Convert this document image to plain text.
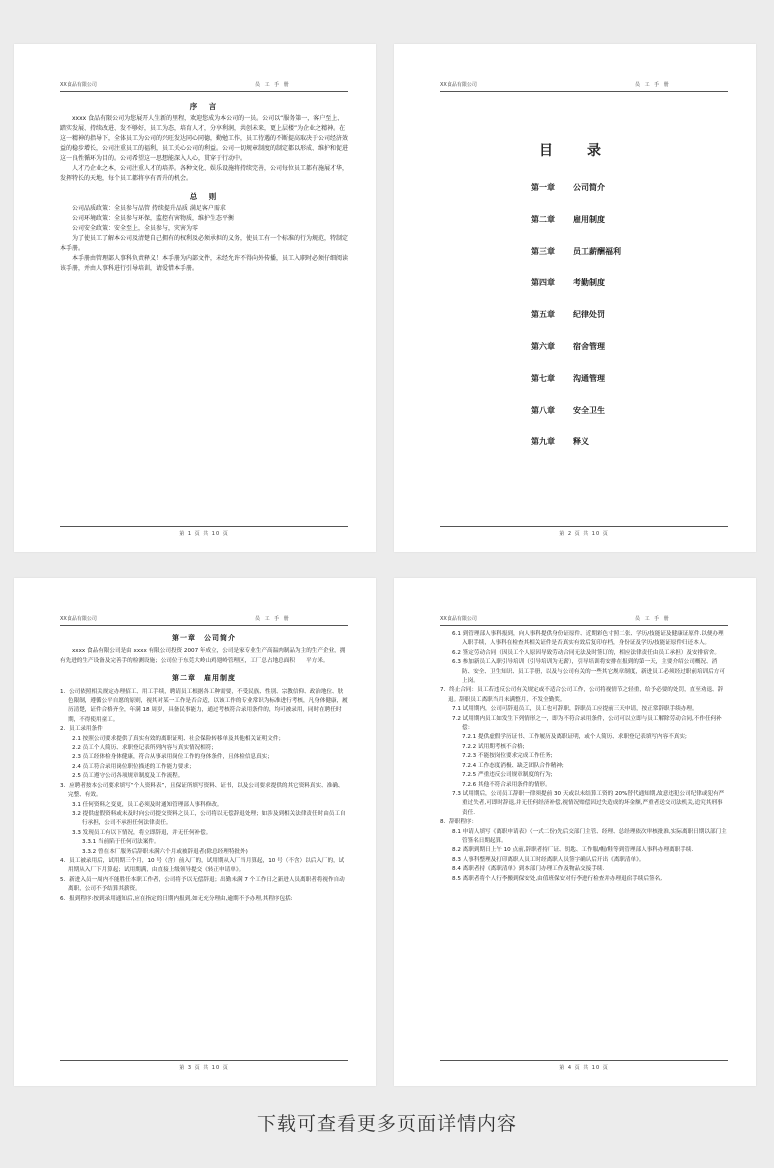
XX食品有限公司	员 工 手 册

序　言

xxxx 食品有限公司为您展开人生新的里程，欢迎您成为本公司的一员。公司以“服务第一，客户至上、踏实发展、持续改进、发不够好，员工为态，培育人才，分享利润，共创未来，更上层楼”为企业之精神。在这一精神的指导下，全体员工为公司的兴旺发达同心同德，勤勉工作，员工待遇的不断提高取决于公司经济效益的稳步增长，公司注重员工的福利，员工关心公司的利益。公司一切规章制度的制定都以形成、维护和促进这一良性循环为目的。公司希望这一思想能深入人心，贯穿于行动中。

人才乃企业之本，公司注重人才的培养。各种文化、娱乐设施将持续完善，公司每位员工都有施展才华，发挥特长的天地，每个员工都将享有晋升的机会。

总　则

公司品质政策：全员参与品管 持续提升品质 满足客户需求

公司环境政策：全员参与环保，监控有害物质，维护生态平衡

公司安全政策：安全至上，全员参与，灾害为零

为了使员工了解本公司及清楚自己拥有的权利及必须承担的义务，使员工有一个标准的行为规范，特制定本手册。

本手册由管理部人事科负责释义！本手册为内部文件，未经允许不得向外传播，员工入职时必须仔细阅读该手册，并由人事科进行引导培训，请爱惜本手册。

第 1 页 共 10 页
XX食品有限公司	员 工 手 册
目　录
第一章 公司简介
第二章 雇用制度
第三章 员工薪酬福利
第四章 考勤制度
第五章 纪律处罚
第六章 宿舍管理
第七章 沟通管理
第八章 安全卫生
第九章 释义
第 2 页 共 10 页
XX食品有限公司	员 工 手 册

第一章　公司简介

xxxx 食品有限公司是由 xxxx 有限公司投资 2007 年成立，公司是家专业生产高温肉制品为主的生产企业，拥有先进的生产设备及完善手的检测设施；公司位于东莞大岭山鸡翅岭管理区，工厂总占地总面积　　平方米。

第二章　雇用制度

1．公司依照相关规定办理招工、用工手续，聘请员工根据各工种需要，不受民族、性别、宗教信仰、政治地位、肤色限制，遵循公平自愿的原则，视其对某一工作是否合适，以该工作的专业常识为标准进行考核，凡身体健康，履历清楚，证件合格齐全，年满 18 周岁，具备民事能力，通过考核符合录用条件的，均可被录用，同时在聘任时期，不得使用童工。

2．员工录用条件

2.1 按照公司要求提供了真实有效的离职证明、社会保险转移单及其他相关证明文件；

2.2 员工个人简历、求职登记表所列内容与真实情况相符；

2.3 员工经体检身体健康，符合从事录用岗位工作的身体条件，且体检信息真实；

2.4 员工符合录用岗位职位描述的工作能力要求；

2.5 员工遵守公司各项规章制度及工作流程。

3．应聘者按本公司要求填写“个人资料表”，且保证所填写资料、证书，以及公司要求提供的其它资料真实、准确、完整、有效。

3.1 任何资料之变更，员工必须及时通知管理部人事科修改。

3.2 提供虚假资料或未及时向公司提交资料之员工，公司将以无偿辞退处理；如涉及到相关法律责任时由员工自行承担，公司不承担任何法律责任。

3.3 发现员工有以下情况，将立即辞退，并无任何补偿。

3.3.1 当前陷于任何司法案件。

3.3.2 曾在本厂服务后辞职未满六个月或被辞退者(除总经理特批外)

4．员工被录用后，试用期三个月，10 号（含）前入厂的，试用期从入厂当月算起，10 号（不含）以后入厂的，试用期从入厂下月算起；试用期满，由直接上级领导提交《转正申请单》。

5．新进入员一周内不能胜任本职工作者，公司将予以无偿辞退；出勤未满 7 个工作日之新进人员离职者将视作自动离职，公司不予结算其薪资。

6．报到程序:按到录用通知后,应在指定的日期内报到,如无充分理由,逾期不予办理,其程序包括:

第 3 页 共 10 页
XX食品有限公司	员 工 手 册

6.1 到管理部人事科报到，向人事科提供身份证原件、近期彩色寸照二张、学历/技能证及健康证原件.以便办理入职手续，人事科在检查其相关证件是否真实有效后复印存档，身份证及学历/技能证原件归还本人。

6.2 签定劳动合同（因员工个人原因导致劳动合同无法及时签订的，相应法律责任由员工承担）及安排宿舍。

6.3 参加新员工入职引导培训（引导培训为无薪），引导培训将安排在报到的第一天，主要介绍公司概况、消防、安全、卫生知识、员工手册，以及与公司有关的一些其它规章制度，新进员工必须经过职前培训后方可上岗。

7．终止合同：员工若违反公司有关规定或不适合公司工作，公司将视情节之轻重，给予必要的处罚，直至劝退、辞退。辞职员工离职当月未满整月，不发全勤奖。

7.1 试用期内，公司可辞退员工，员工也可辞职，辞职员工应提前三天申请，按正常辞职手续办理。

7.2 试用期内员工如发生下列情形之一，即为不符合录用条件，公司可以立即与员工解除劳动合同,不作任何补偿：

7.2.1 提供虚假学历证书、工作履历及离职证明，或个人简历、求职登记表填写内容不真实;

7.2.2 试用期考核不合格;

7.2.3 不能按岗位要求完成工作任务;

7.2.4 工作态度消极、缺乏团队合作精神;

7.2.5 严重违反公司规章制度的行为;

7.2.6 其他不符合录用条件的情形。

7.3 试用期后，公司员工辞职一律须提前 30 天或以未结算工资的 20%替代通知期,故意违犯公司纪律或犯有严重过失者,可即时辞退,并无任何经济补偿,视情况赔偿因过失造成的坏金额,严重者送交司法机关,追究其刑事责任.

8．辞职程序：

8.1 申请人填写《离职申请表》（一式二份)先后交部门主管、经理、总经理依次审核批准,实际离职日期以部门主管签名日期起算。

8.2 离职到期日上午 10 点前,辞职者持厂证、钥匙、工作服/帽/鞋等到管理部人事科办理离职手续.

8.3 人事科整理及打印离职人员工时经离职人员签字确认后开出《离职清单》。

8.4 离职者持《离职清单》到本部门办理工作及物品交接手续.

8.5 离职者将个人行李搬到保安处,由值班保安对行李进行检查并办理退宿手续后签名,

第 4 页 共 10 页
下载可查看更多页面详情内容
